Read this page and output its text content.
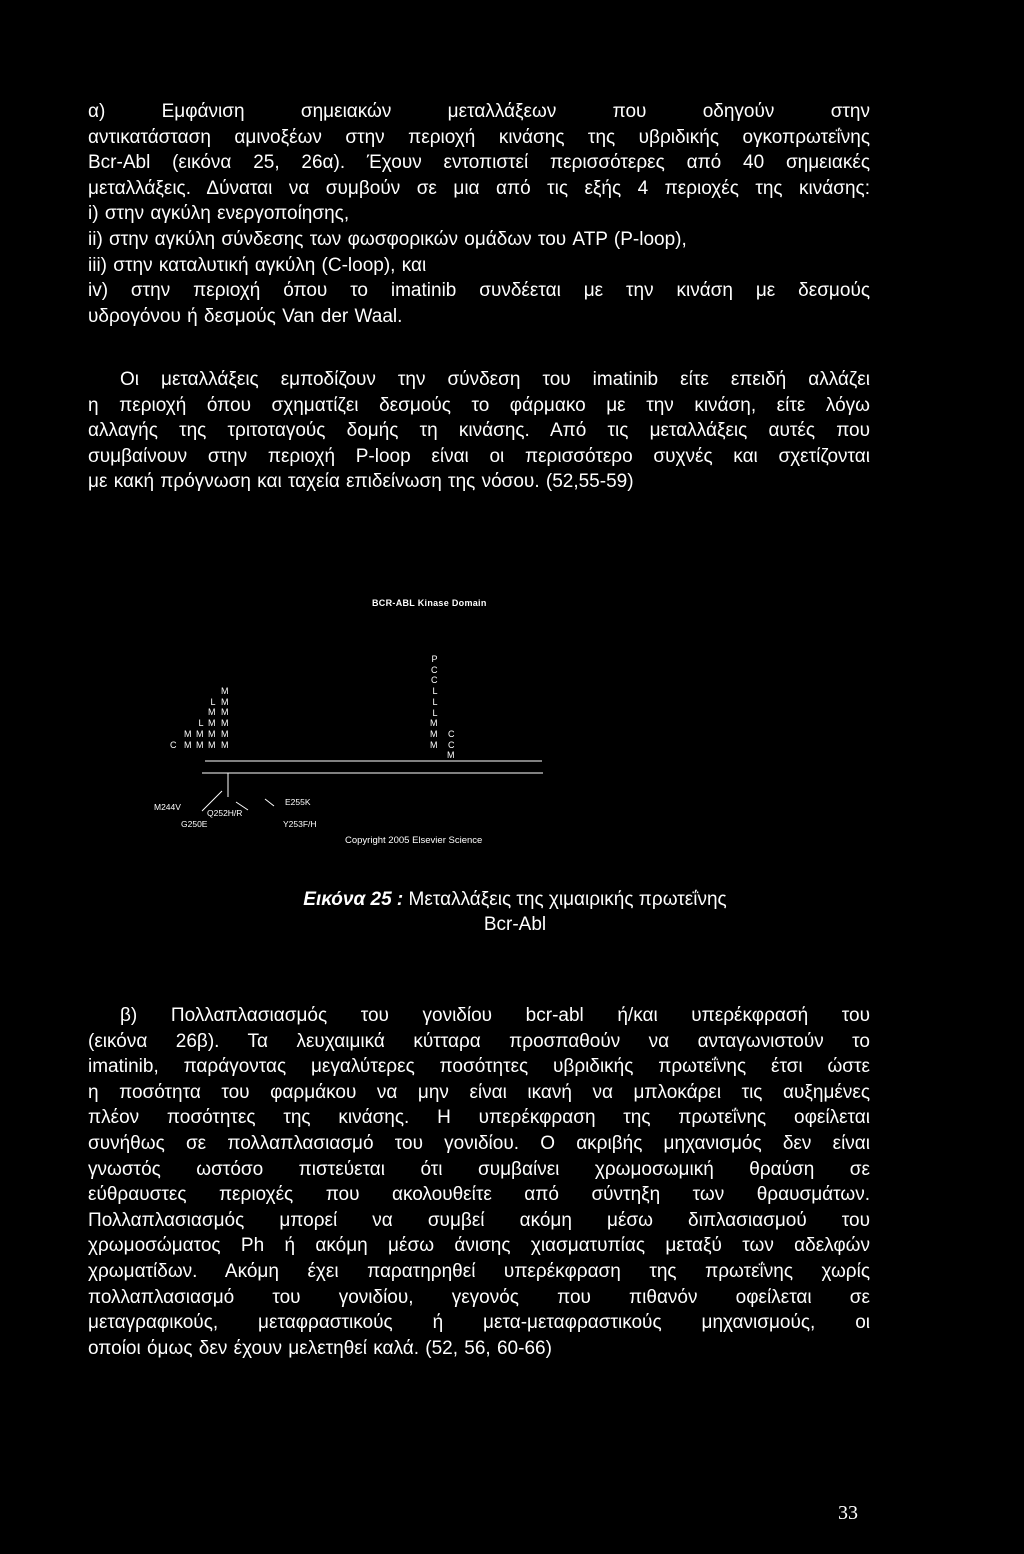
α) Εμφάνιση σημειακών μεταλλάξεων που οδηγούν στην
αντικατάσταση αμινοξέων στην περιοχή κινάσης της υβριδικής ογκοπρωτεΐνης
Bcr-Abl (εικόνα 25, 26α). Έχουν εντοπιστεί περισσότερες από 40 σημειακές
μεταλλάξεις. Δύναται να συμβούν σε μια από τις εξής 4 περιοχές της κινάσης:
i) στην αγκύλη ενεργοποίησης,
ii) στην αγκύλη σύνδεσης των φωσφορικών ομάδων του ATP (P-loop),
iii) στην καταλυτική αγκύλη (C-loop), και
iv) στην περιοχή όπου το imatinib συνδέεται με την κινάση με δεσμούς
υδρογόνου ή δεσμούς Van der Waal.
Οι μεταλλάξεις εμποδίζουν την σύνδεση του imatinib είτε επειδή αλλάζει
η περιοχή όπου σχηματίζει δεσμούς το φάρμακο με την κινάση, είτε λόγω
αλλαγής της τριτοταγούς δομής τη κινάσης. Από τις μεταλλάξεις αυτές που
συμβαίνουν στην περιοχή P-loop είναι οι περισσότερο συχνές και σχετίζονται
με κακή πρόγνωση και ταχεία επιδείνωση της νόσου. (52,55-59)
BCR-ABL Kinase Domain

C

M
M

L
M
M

L
M
M
M
M
M
M
M
M
M
M
P
C
C
L
L
L
M
M
M
C
C
M
M244V
G250E
Q252H/R
Y253F/H
E255K
Copyright 2005 Elsevier Science
Εικόνα 25 : Μεταλλάξεις της χιμαιρικής πρωτεΐνης
Bcr-Abl
β) Πολλαπλασιασμός του γονιδίου bcr-abl ή/και υπερέκφρασή του
(εικόνα 26β). Τα λευχαιμικά κύτταρα προσπαθούν να ανταγωνιστούν το
imatinib, παράγοντας μεγαλύτερες ποσότητες υβριδικής πρωτεΐνης έτσι ώστε
η ποσότητα του φαρμάκου να μην είναι ικανή να μπλοκάρει τις αυξημένες
πλέον ποσότητες της κινάσης. Η υπερέκφραση της πρωτεΐνης οφείλεται
συνήθως σε πολλαπλασιασμό του γονιδίου. Ο ακριβής μηχανισμός δεν είναι
γνωστός ωστόσο πιστεύεται ότι συμβαίνει χρωμοσωμική θραύση σε
εύθραυστες περιοχές που ακολουθείτε από σύντηξη των θραυσμάτων.
Πολλαπλασιασμός μπορεί να συμβεί ακόμη μέσω διπλασιασμού του
χρωμοσώματος Ph ή ακόμη μέσω άνισης χιασματυπίας μεταξύ των αδελφών
χρωματίδων. Ακόμη έχει παρατηρηθεί υπερέκφραση της πρωτεΐνης χωρίς
πολλαπλασιασμό του γονιδίου, γεγονός που πιθανόν οφείλεται σε
μεταγραφικούς, μεταφραστικούς ή μετα-μεταφραστικούς μηχανισμούς, οι
οποίοι όμως δεν έχουν μελετηθεί καλά. (52, 56, 60-66)
33
